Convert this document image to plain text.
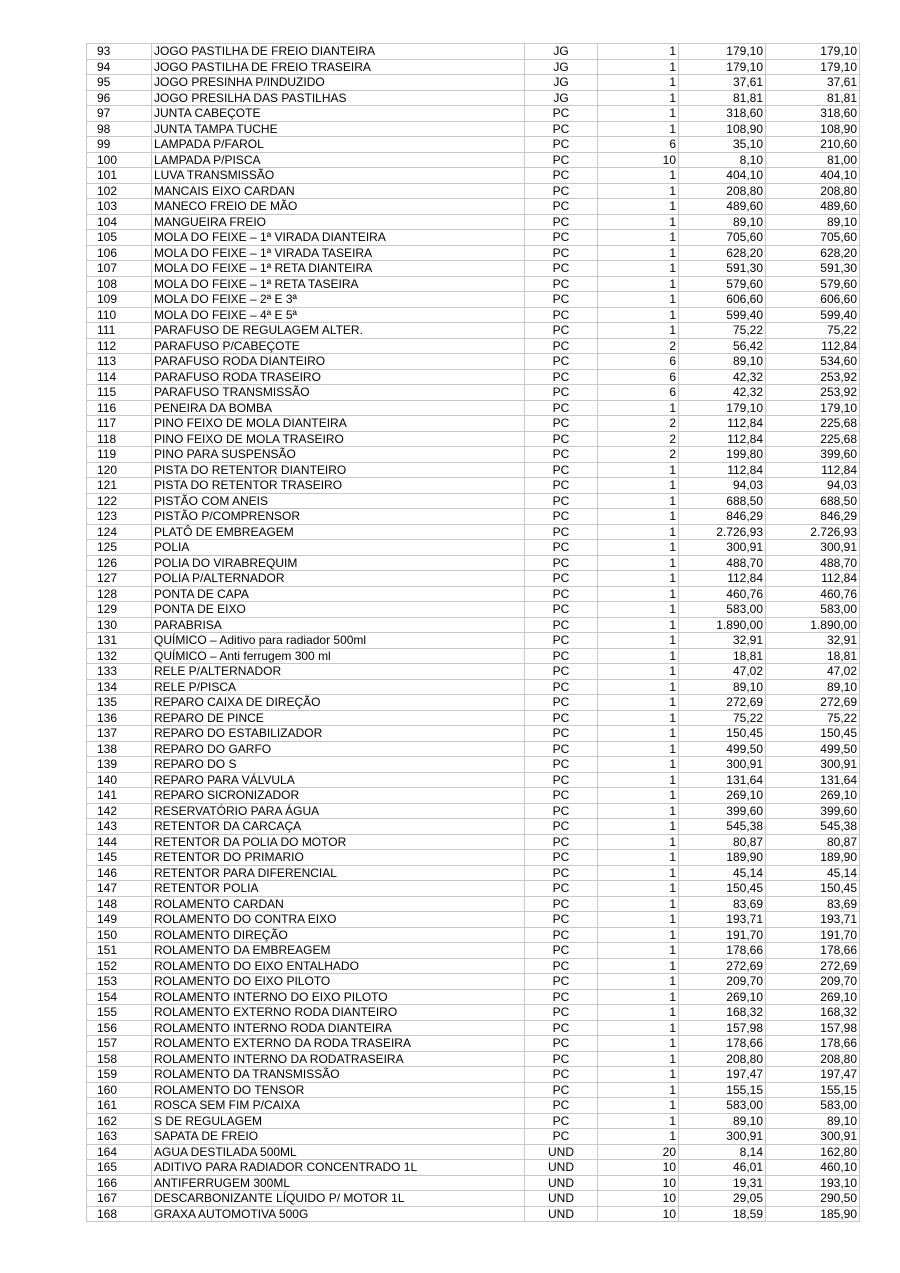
93	JOGO PASTILHA DE FREIO DIANTEIRA	JG	1	179,10	179,10
94	JOGO PASTILHA DE FREIO TRASEIRA	JG	1	179,10	179,10
95	JOGO PRESINHA P/INDUZIDO	JG	1	37,61	37,61
96	JOGO PRESILHA DAS PASTILHAS	JG	1	81,81	81,81
97	JUNTA CABEÇOTE	PC	1	318,60	318,60
98	JUNTA TAMPA TUCHE	PC	1	108,90	108,90
99	LAMPADA P/FAROL	PC	6	35,10	210,60
100	LAMPADA P/PISCA	PC	10	8,10	81,00
101	LUVA TRANSMISSÃO	PC	1	404,10	404,10
102	MANCAIS EIXO CARDAN	PC	1	208,80	208,80
103	MANECO FREIO DE MÃO	PC	1	489,60	489,60
104	MANGUEIRA FREIO	PC	1	89,10	89,10
105	MOLA DO FEIXE – 1ª VIRADA DIANTEIRA	PC	1	705,60	705,60
106	MOLA DO FEIXE – 1ª VIRADA TASEIRA	PC	1	628,20	628,20
107	MOLA DO FEIXE – 1ª RETA DIANTEIRA	PC	1	591,30	591,30
108	MOLA DO FEIXE – 1ª RETA TASEIRA	PC	1	579,60	579,60
109	MOLA DO FEIXE – 2ª E 3ª	PC	1	606,60	606,60
110	MOLA DO FEIXE – 4ª E 5ª	PC	1	599,40	599,40
111	PARAFUSO DE REGULAGEM ALTER.	PC	1	75,22	75,22
112	PARAFUSO P/CABEÇOTE	PC	2	56,42	112,84
113	PARAFUSO RODA DIANTEIRO	PC	6	89,10	534,60
114	PARAFUSO RODA TRASEIRO	PC	6	42,32	253,92
115	PARAFUSO TRANSMISSÃO	PC	6	42,32	253,92
116	PENEIRA DA BOMBA	PC	1	179,10	179,10
117	PINO FEIXO DE MOLA DIANTEIRA	PC	2	112,84	225,68
118	PINO FEIXO DE MOLA TRASEIRO	PC	2	112,84	225,68
119	PINO PARA SUSPENSÃO	PC	2	199,80	399,60
120	PISTA DO RETENTOR DIANTEIRO	PC	1	112,84	112,84
121	PISTA DO RETENTOR TRASEIRO	PC	1	94,03	94,03
122	PISTÃO COM ANEIS	PC	1	688,50	688,50
123	PISTÃO P/COMPRENSOR	PC	1	846,29	846,29
124	PLATÔ DE EMBREAGEM	PC	1	2.726,93	2.726,93
125	POLIA	PC	1	300,91	300,91
126	POLIA DO VIRABREQUIM	PC	1	488,70	488,70
127	POLIA P/ALTERNADOR	PC	1	112,84	112,84
128	PONTA DE CAPA	PC	1	460,76	460,76
129	PONTA DE EIXO	PC	1	583,00	583,00
130	PARABRISA	PC	1	1.890,00	1.890,00
131	QUÍMICO – Aditivo para radiador 500ml	PC	1	32,91	32,91
132	QUÍMICO – Anti ferrugem 300 ml	PC	1	18,81	18,81
133	RELE P/ALTERNADOR	PC	1	47,02	47,02
134	RELE P/PISCA	PC	1	89,10	89,10
135	REPARO CAIXA DE DIREÇÃO	PC	1	272,69	272,69
136	REPARO DE PINCE	PC	1	75,22	75,22
137	REPARO DO ESTABILIZADOR	PC	1	150,45	150,45
138	REPARO DO GARFO	PC	1	499,50	499,50
139	REPARO DO S	PC	1	300,91	300,91
140	REPARO PARA VÁLVULA	PC	1	131,64	131,64
141	REPARO SICRONIZADOR	PC	1	269,10	269,10
142	RESERVATÓRIO PARA ÁGUA	PC	1	399,60	399,60
143	RETENTOR DA CARCAÇA	PC	1	545,38	545,38
144	RETENTOR DA POLIA DO MOTOR	PC	1	80,87	80,87
145	RETENTOR DO PRIMARIO	PC	1	189,90	189,90
146	RETENTOR PARA DIFERENCIAL	PC	1	45,14	45,14
147	RETENTOR POLIA	PC	1	150,45	150,45
148	ROLAMENTO CARDAN	PC	1	83,69	83,69
149	ROLAMENTO DO CONTRA EIXO	PC	1	193,71	193,71
150	ROLAMENTO DIREÇÃO	PC	1	191,70	191,70
151	ROLAMENTO DA EMBREAGEM	PC	1	178,66	178,66
152	ROLAMENTO DO EIXO ENTALHADO	PC	1	272,69	272,69
153	ROLAMENTO DO EIXO PILOTO	PC	1	209,70	209,70
154	ROLAMENTO INTERNO DO EIXO PILOTO	PC	1	269,10	269,10
155	ROLAMENTO EXTERNO RODA DIANTEIRO	PC	1	168,32	168,32
156	ROLAMENTO INTERNO RODA DIANTEIRA	PC	1	157,98	157,98
157	ROLAMENTO EXTERNO DA RODA TRASEIRA	PC	1	178,66	178,66
158	ROLAMENTO INTERNO DA RODATRASEIRA	PC	1	208,80	208,80
159	ROLAMENTO DA TRANSMISSÃO	PC	1	197,47	197,47
160	ROLAMENTO DO TENSOR	PC	1	155,15	155,15
161	ROSCA SEM FIM P/CAIXA	PC	1	583,00	583,00
162	S DE REGULAGEM	PC	1	89,10	89,10
163	SAPATA DE FREIO	PC	1	300,91	300,91
164	AGUA DESTILADA 500ML	UND	20	8,14	162,80
165	ADITIVO PARA RADIADOR CONCENTRADO 1L	UND	10	46,01	460,10
166	ANTIFERRUGEM 300ML	UND	10	19,31	193,10
167	DESCARBONIZANTE LÍQUIDO P/ MOTOR 1L	UND	10	29,05	290,50
168	GRAXA AUTOMOTIVA 500G	UND	10	18,59	185,90
